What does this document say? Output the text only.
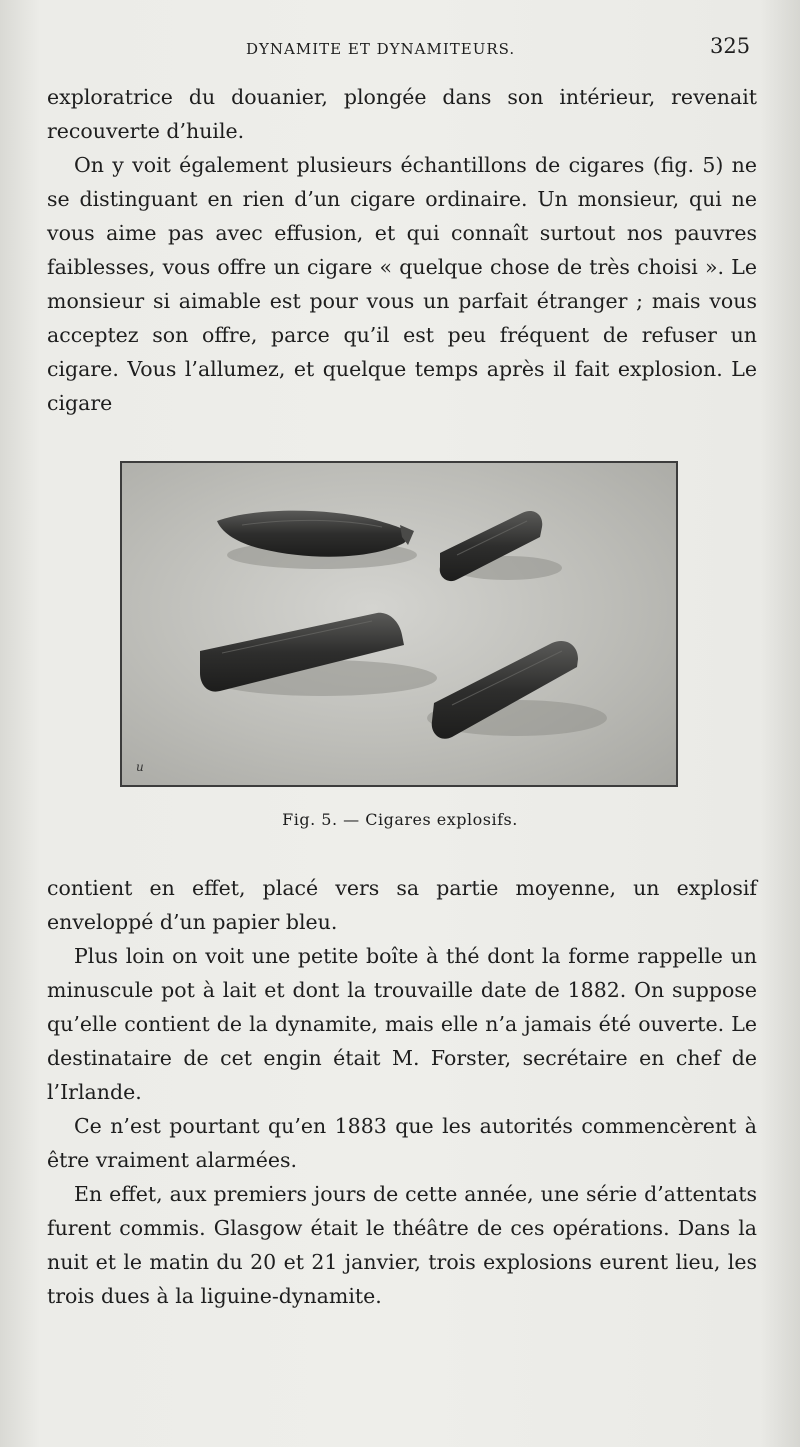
DYNAMITE ET DYNAMITEURS.	325

exploratrice du douanier, plongée dans son intérieur, revenait recouverte d’huile.

On y voit également plusieurs échantillons de cigares (fig. 5) ne se distinguant en rien d’un cigare ordinaire. Un monsieur, qui ne vous aime pas avec effusion, et qui connaît surtout nos pauvres faiblesses, vous offre un cigare « quelque chose de très choisi ». Le monsieur si aimable est pour vous un parfait étranger ; mais vous acceptez son offre, parce qu’il est peu fréquent de refuser un cigare. Vous l’allumez, et quelque temps après il fait explosion. Le cigare

u
Fig. 5. — Cigares explosifs.

contient en effet, placé vers sa partie moyenne, un explosif enveloppé d’un papier bleu.

Plus loin on voit une petite boîte à thé dont la forme rappelle un minuscule pot à lait et dont la trouvaille date de 1882. On suppose qu’elle contient de la dynamite, mais elle n’a jamais été ouverte. Le destinataire de cet engin était M. Forster, secrétaire en chef de l’Irlande.

Ce n’est pourtant qu’en 1883 que les autorités commencèrent à être vraiment alarmées.

En effet, aux premiers jours de cette année, une série d’attentats furent commis. Glasgow était le théâtre de ces opérations. Dans la nuit et le matin du 20 et 21 janvier, trois explosions eurent lieu, les trois dues à la liguine-dynamite.
